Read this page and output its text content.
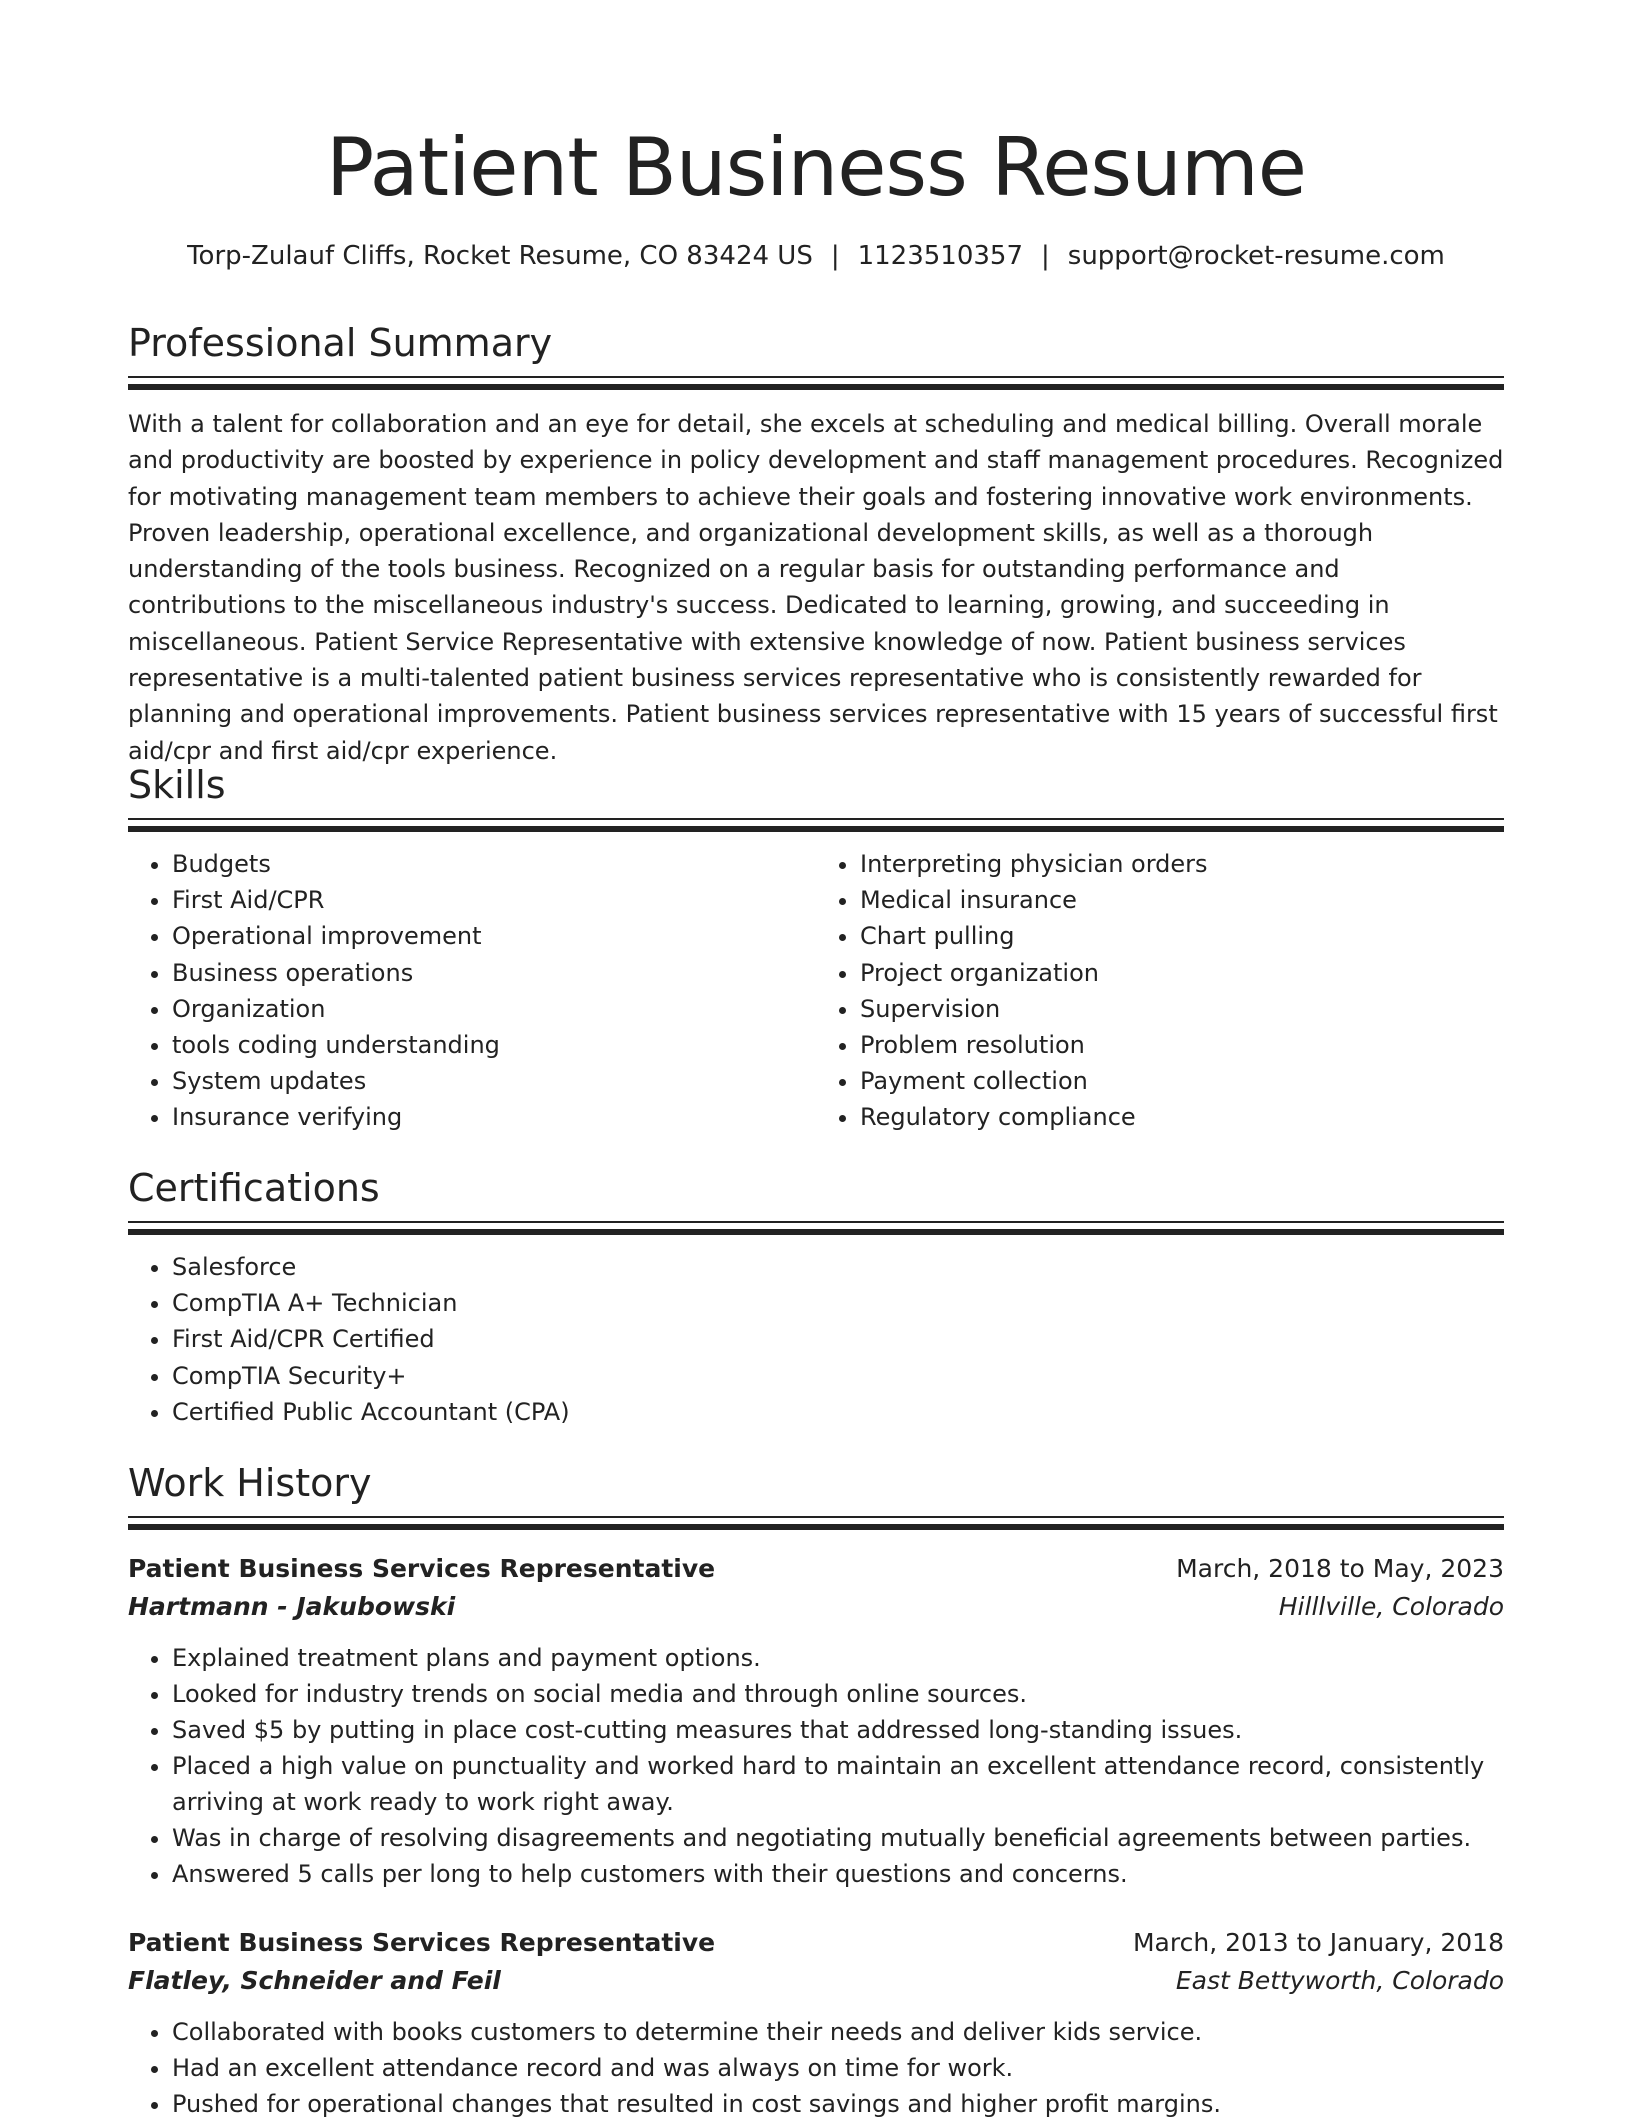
Patient Business Resume
Torp-Zulauf Cliffs, Rocket Resume, CO 83424 US | 1123510357 | support@rocket-resume.com
Professional Summary

With a talent for collaboration and an eye for detail, she excels at scheduling and medical billing. Overall morale and productivity are boosted by experience in policy development and staff management procedures. Recognized for motivating management team members to achieve their goals and fostering innovative work environments. Proven leadership, operational excellence, and organizational development skills, as well as a thorough understanding of the tools business. Recognized on a regular basis for outstanding performance and contributions to the miscellaneous industry's success. Dedicated to learning, growing, and succeeding in miscellaneous. Patient Service Representative with extensive knowledge of now. Patient business services representative is a multi-talented patient business services representative who is consistently rewarded for planning and operational improvements. Patient business services representative with 15 years of successful first aid/cpr and first aid/cpr experience.

Skills
• Budgets
• First Aid/CPR
• Operational improvement
• Business operations
• Organization
• tools coding understanding
• System updates
• Insurance verifying
• Interpreting physician orders
• Medical insurance
• Chart pulling
• Project organization
• Supervision
• Problem resolution
• Payment collection
• Regulatory compliance
Certifications
• Salesforce
• CompTIA A+ Technician
• First Aid/CPR Certified
• CompTIA Security+
• Certified Public Accountant (CPA)
Work History
Patient Business Services Representative	March, 2018 to May, 2023
Hartmann - Jakubowski	Hilllville, Colorado
• Explained treatment plans and payment options.
• Looked for industry trends on social media and through online sources.
• Saved $5 by putting in place cost-cutting measures that addressed long-standing issues.
• Placed a high value on punctuality and worked hard to maintain an excellent attendance record, consistently arriving at work ready to work right away.
• Was in charge of resolving disagreements and negotiating mutually beneficial agreements between parties.
• Answered 5 calls per long to help customers with their questions and concerns.
Patient Business Services Representative	March, 2013 to January, 2018
Flatley, Schneider and Feil	East Bettyworth, Colorado
• Collaborated with books customers to determine their needs and deliver kids service.
• Had an excellent attendance record and was always on time for work.
• Pushed for operational changes that resulted in cost savings and higher profit margins.
